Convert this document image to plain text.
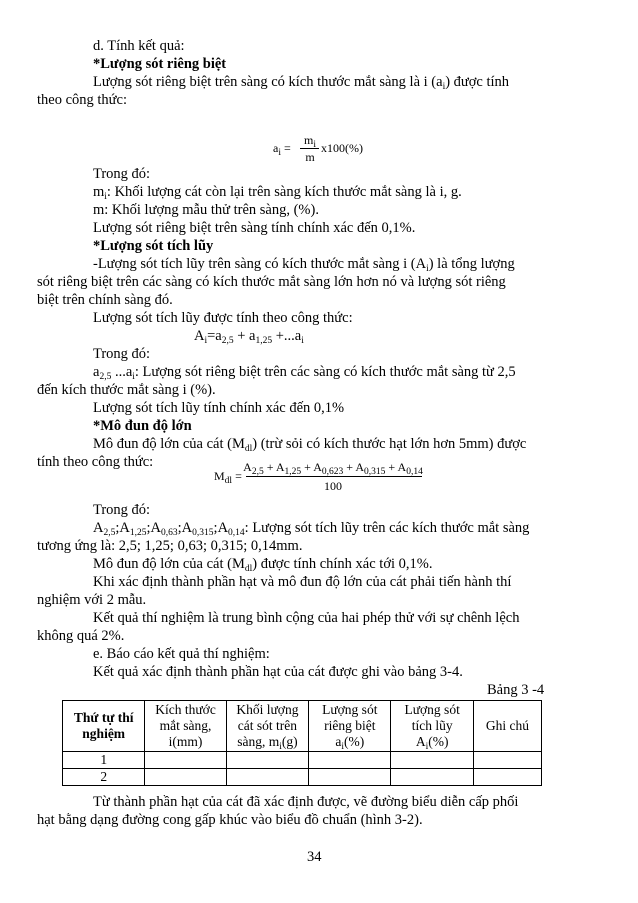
d. Tính kết quả:
*Lượng sót riêng biệt
Lượng sót riêng biệt trên sàng có kích thước mắt sàng là i $(a_i)$ được tính
theo công thức:
$a_i$ =
$m_i$
m
x100(%)
Trong đó:
$m_i$: Khối lượng cát còn lại trên sàng kích thước mắt sàng là i, g.
m: Khối lượng mẫu thử trên sàng, (%).
Lượng sót riêng biệt trên sàng tính chính xác đến 0,1%.
*Lượng sót tích lũy
-Lượng sót tích lũy trên sàng có kích thước mắt sàng i $(A_i)$ là tổng lượng
sót riêng biệt trên các sàng có kích thước mắt sàng lớn hơn nó và lượng sót riêng
biệt trên chính sàng đó.
Lượng sót tích lũy được tính theo công thức:
$A_i=a_{2,5} + a_{1,25} +...a_i$
Trong đó:
$a_{2,5}$ $...a_i$: Lượng sót riêng biệt trên các sàng có kích thước mắt sàng từ 2,5
đến kích thước mắt sàng i (%).
Lượng sót tích lũy tính chính xác đến 0,1%
*Mô đun độ lớn
Mô đun độ lớn của cát $(M_{dl})$ (trừ sỏi có kích thước hạt lớn hơn 5mm) được
tính theo công thức:
$M_{dl}$ =
$A_{2,5} + A_{1,25} + A_{0,623} + A_{0,315} + A_{0,14}$
100
Trong đó:
$A_{2,5};A_{1,25};A_{0,63};A_{0,315};A_{0,14}$: Lượng sót tích lũy trên các kích thước mắt sàng
tương ứng là: 2,5; 1,25; 0,63; 0,315; 0,14mm.
Mô đun độ lớn của cát $(M_{dl})$ được tính chính xác tới 0,1%.
Khi xác định thành phần hạt và mô đun độ lớn của cát phải tiến hành thí
nghiệm với 2 mẫu.
Kết quả thí nghiệm là trung bình cộng của hai phép thử với sự chênh lệch
không quá 2%.
e. Báo cáo kết quả thí nghiệm:
Kết quả xác định thành phần hạt của cát được ghi vào bảng 3-4.
Bảng 3 -4
Thứ tự thí nghiệm	Kích thước
mắt sàng,
i(mm)	Khối lượng
cát sót trên
sàng, $m_i(g)$	Lượng sót
riêng biệt
$a_i(\%)$	Lượng sót
tích lũy
$A_i(\%)$	Ghi chú
1					
2					
Từ thành phần hạt của cát đã xác định được, vẽ đường biểu diễn cấp phối
hạt bằng dạng đường cong gấp khúc vào biểu đồ chuẩn (hình 3-2).
34
